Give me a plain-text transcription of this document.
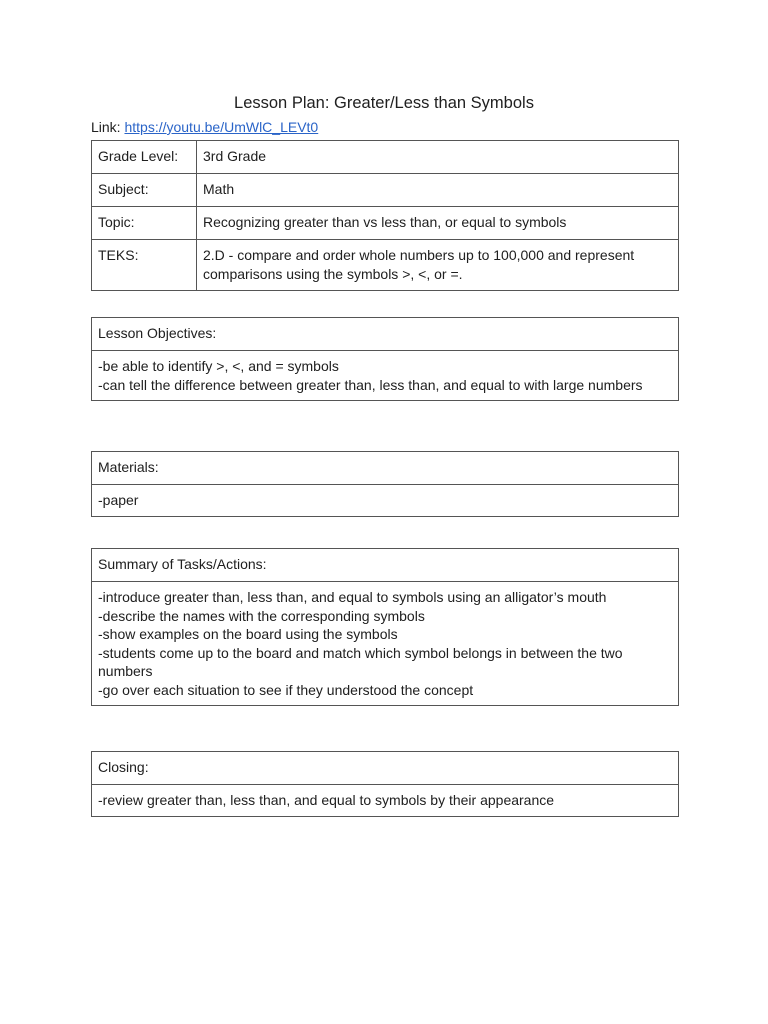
Lesson Plan: Greater/Less than Symbols
Link: https://youtu.be/UmWlC_LEVt0
Grade Level:	3rd Grade
Subject:	Math
Topic:	Recognizing greater than vs less than, or equal to symbols
TEKS:	2.D - compare and order whole numbers up to 100,000 and represent comparisons using the symbols >, <, or =.
Lesson Objectives:

-be able to identify >, <, and = symbols
-can tell the difference between greater than, less than, and equal to with large numbers
Materials:

-paper
Summary of Tasks/Actions:

-introduce greater than, less than, and equal to symbols using an alligator’s mouth
-describe the names with the corresponding symbols
-show examples on the board using the symbols
-students come up to the board and match which symbol belongs in between the two numbers
-go over each situation to see if they understood the concept
Closing:

-review greater than, less than, and equal to symbols by their appearance
